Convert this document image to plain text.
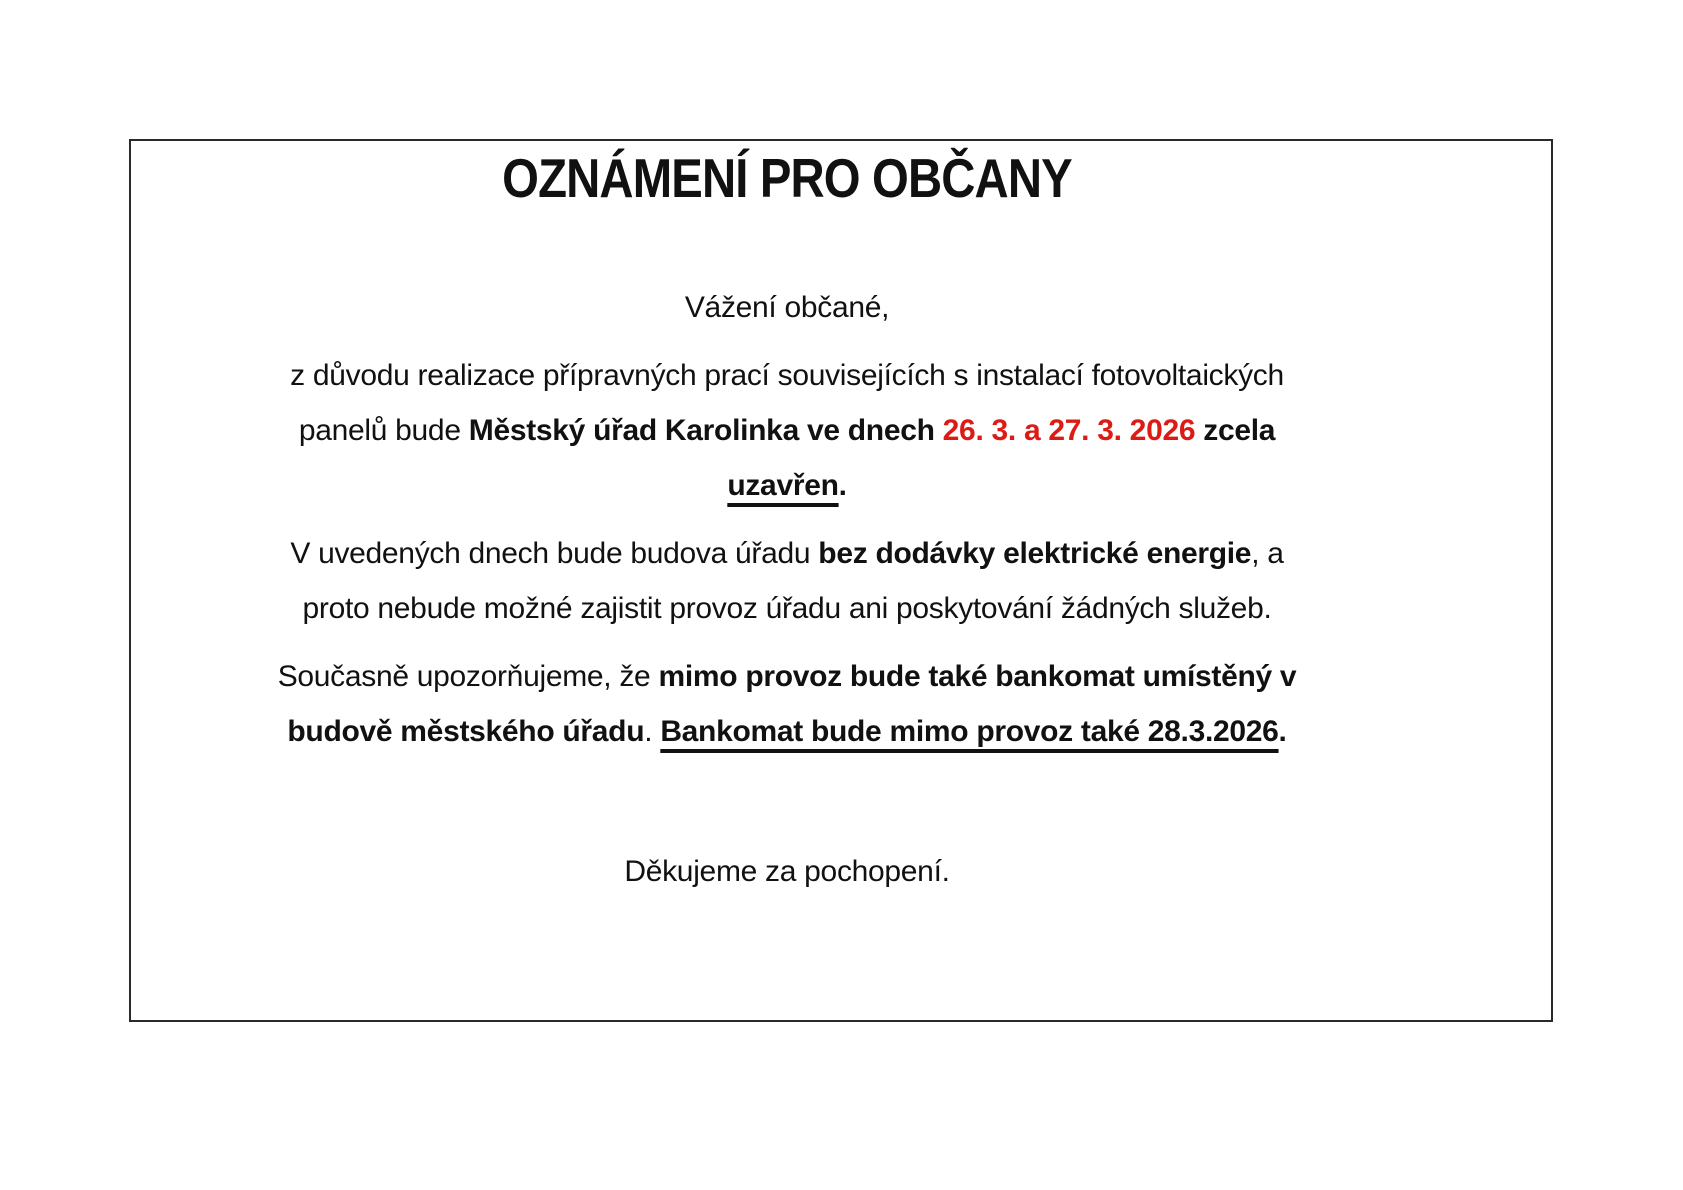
OZNÁMENÍ PRO OBČANY
Vážení občané,
z důvodu realizace přípravných prací souvisejících s instalací fotovoltaických
panelů bude Městský úřad Karolinka ve dnech 26. 3. a 27. 3. 2026 zcela
uzavřen.
V uvedených dnech bude budova úřadu bez dodávky elektrické energie, a
proto nebude možné zajistit provoz úřadu ani poskytování žádných služeb.
Současně upozorňujeme, že mimo provoz bude také bankomat umístěný v
budově městského úřadu. Bankomat bude mimo provoz také 28.3.2026.
Děkujeme za pochopení.
